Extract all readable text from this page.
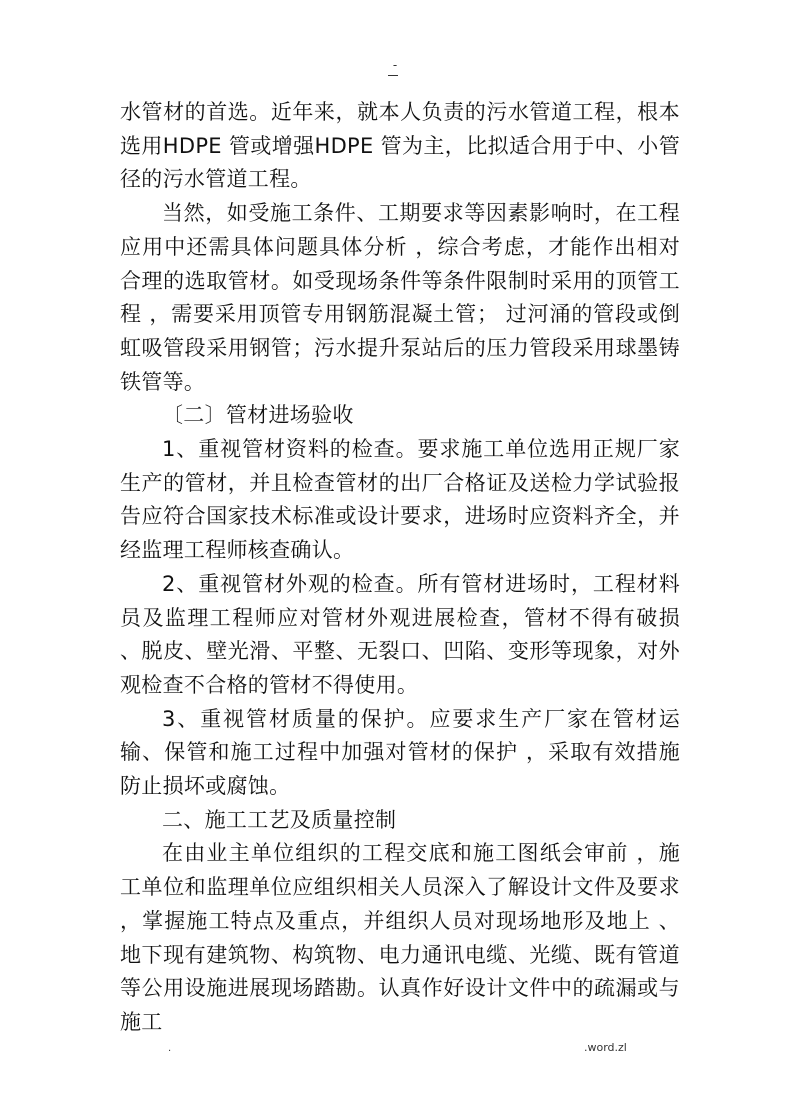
-

水管材的首选。近年来，就本人负责的污水管道工程，根本选用HDPE 管或增强HDPE 管为主，比拟适合用于中、小管径的污水管道工程。

当然，如受施工条件、工期要求等因素影响时，在工程应用中还需具体问题具体分析 ，综合考虑，才能作出相对合理的选取管材。如受现场条件等条件限制时采用的顶管工程 ，需要采用顶管专用钢筋混凝土管； 过河涌的管段或倒虹吸管段采用钢管；污水提升泵站后的压力管段采用球墨铸铁管等。

〔二〕管材进场验收

1、重视管材资料的检查。要求施工单位选用正规厂家生产的管材，并且检查管材的出厂合格证及送检力学试验报告应符合国家技术标准或设计要求，进场时应资料齐全，并经监理工程师核查确认。

2、重视管材外观的检查。所有管材进场时，工程材料员及监理工程师应对管材外观进展检查，管材不得有破损 、脱皮、壁光滑、平整、无裂口、凹陷、变形等现象，对外观检查不合格的管材不得使用。

3、重视管材质量的保护。应要求生产厂家在管材运输、保管和施工过程中加强对管材的保护 ，采取有效措施防止损坏或腐蚀。

二、施工工艺及质量控制

在由业主单位组织的工程交底和施工图纸会审前 ，施工单位和监理单位应组织相关人员深入了解设计文件及要求 ，掌握施工特点及重点，并组织人员对现场地形及地上 、地下现有建筑物、构筑物、电力通讯电缆、光缆、既有管道等公用设施进展现场踏勘。认真作好设计文件中的疏漏或与施工

.	.word.zl
